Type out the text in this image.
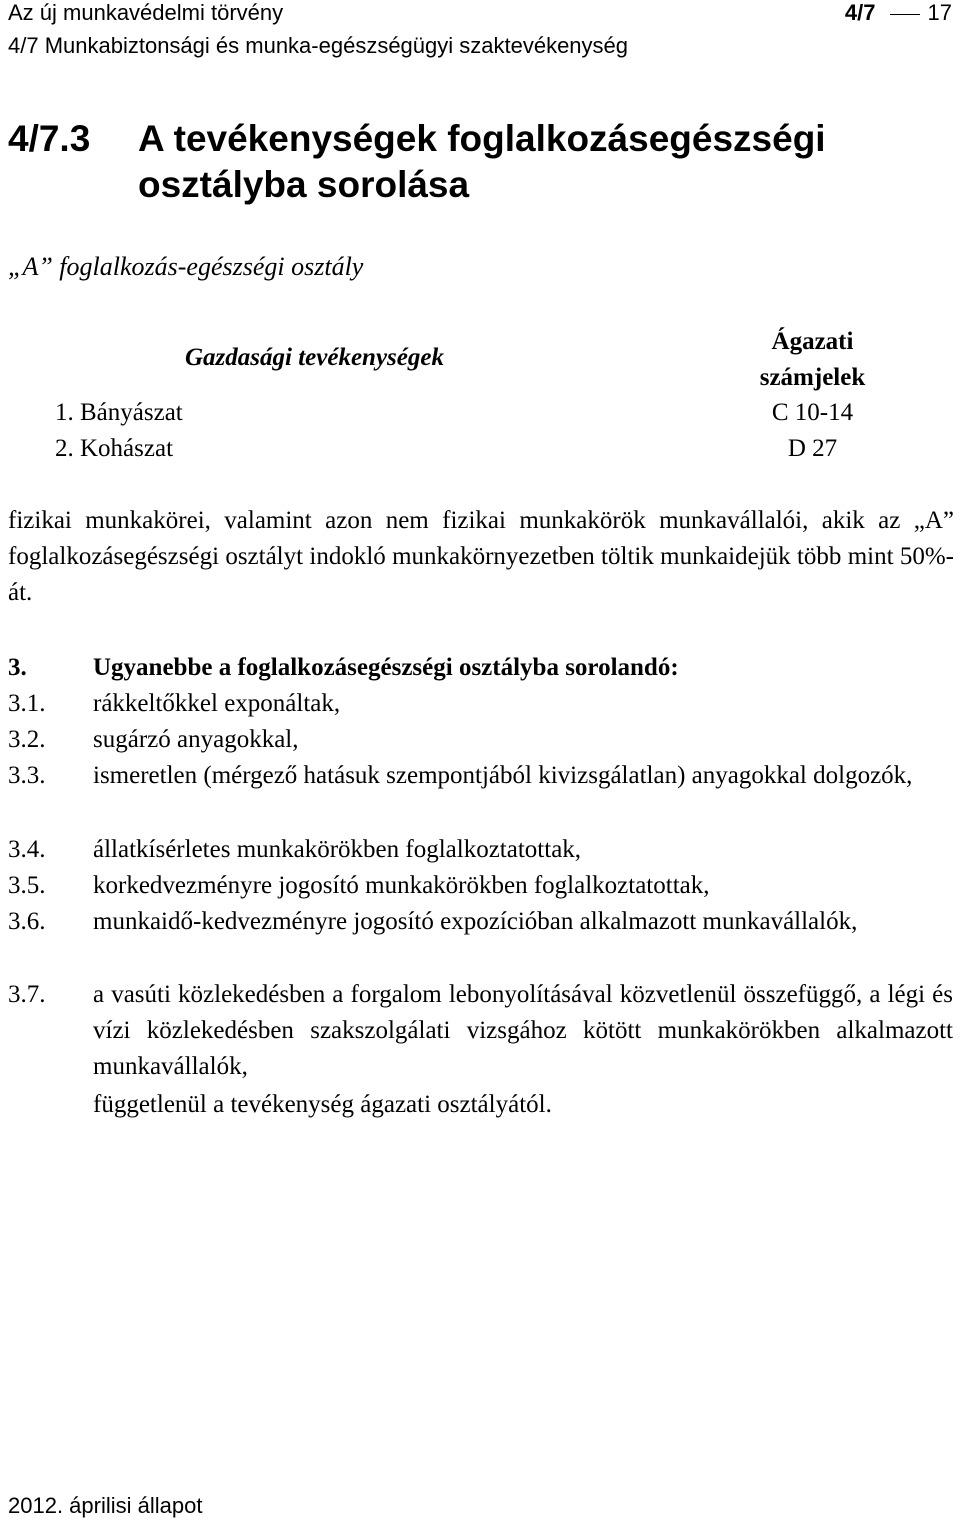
Az új munkavédelmi törvény	4/7 17
4/7 Munkabiztonsági és munka-egészségügyi szaktevékenység
4/7.3 A tevékenységek foglalkozásegészségi osztályba sorolása
„A” foglalkozás-egészségi osztály
Gazdasági tevékenységek
Ágazati számjelek
1. Bányászat	C 10-14
2. Kohászat	D 27
fizikai munkakörei, valamint azon nem fizikai munkakörök munkavállalói, akik az „A” foglalkozásegészségi osztályt indokló munkakörnyezetben töltik munkaidejük több mint 50%-át.
3.	Ugyanebbe a foglalkozásegészségi osztályba sorolandó:
3.1. rákkeltőkkel exponáltak,
3.2. sugárzó anyagokkal,
3.3. ismeretlen (mérgező hatásuk szempontjából kivizsgálatlan) anyagokkal dolgozók,
3.4. állatkísérletes munkakörökben foglalkoztatottak,
3.5. korkedvezményre jogosító munkakörökben foglalkoztatottak,
3.6. munkaidő-kedvezményre jogosító expozícióban alkalmazott munkavállalók,
3.7. a vasúti közlekedésben a forgalom lebonyolításával közvetlenül összefüggő, a légi és vízi közlekedésben szakszolgálati vizsgához kötött munkakörökben alkalmazott munkavállalók,
függetlenül a tevékenység ágazati osztályától.
2012. áprilisi állapot
